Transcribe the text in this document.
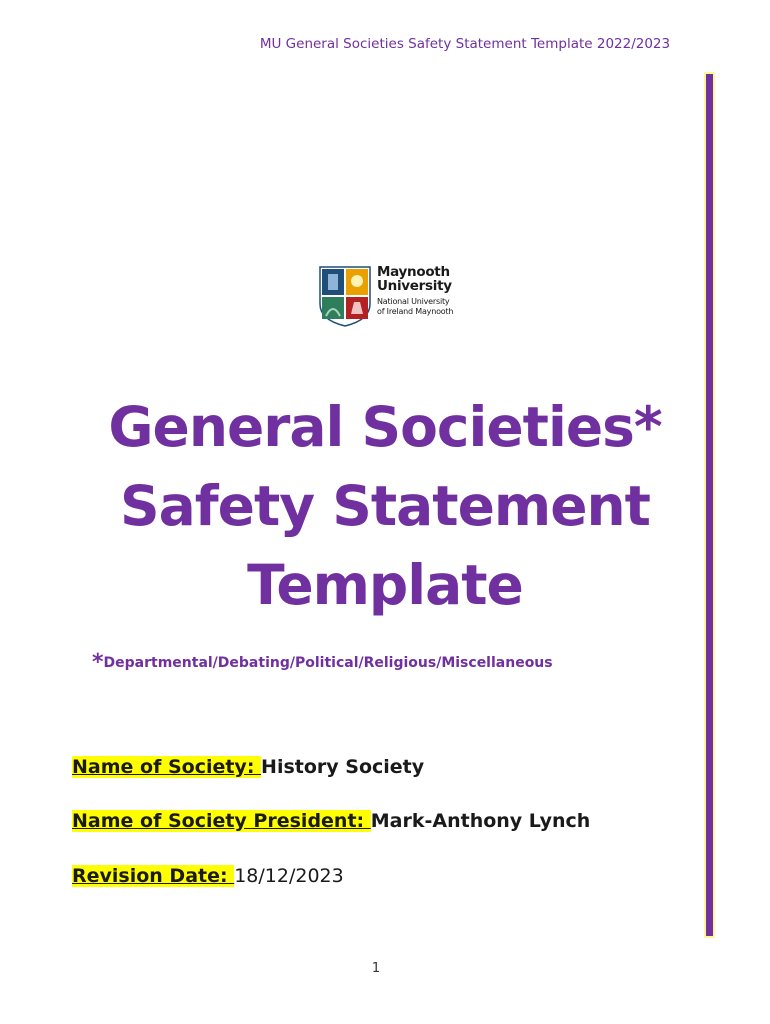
MU General Societies Safety Statement Template 2022/2023
Maynooth
University
National University
of Ireland Maynooth
General Societies*
Safety Statement
Template
*Departmental/Debating/Political/Religious/Miscellaneous
Name of Society: History Society
Name of Society President: Mark-Anthony Lynch
Revision Date: 18/12/2023
1
